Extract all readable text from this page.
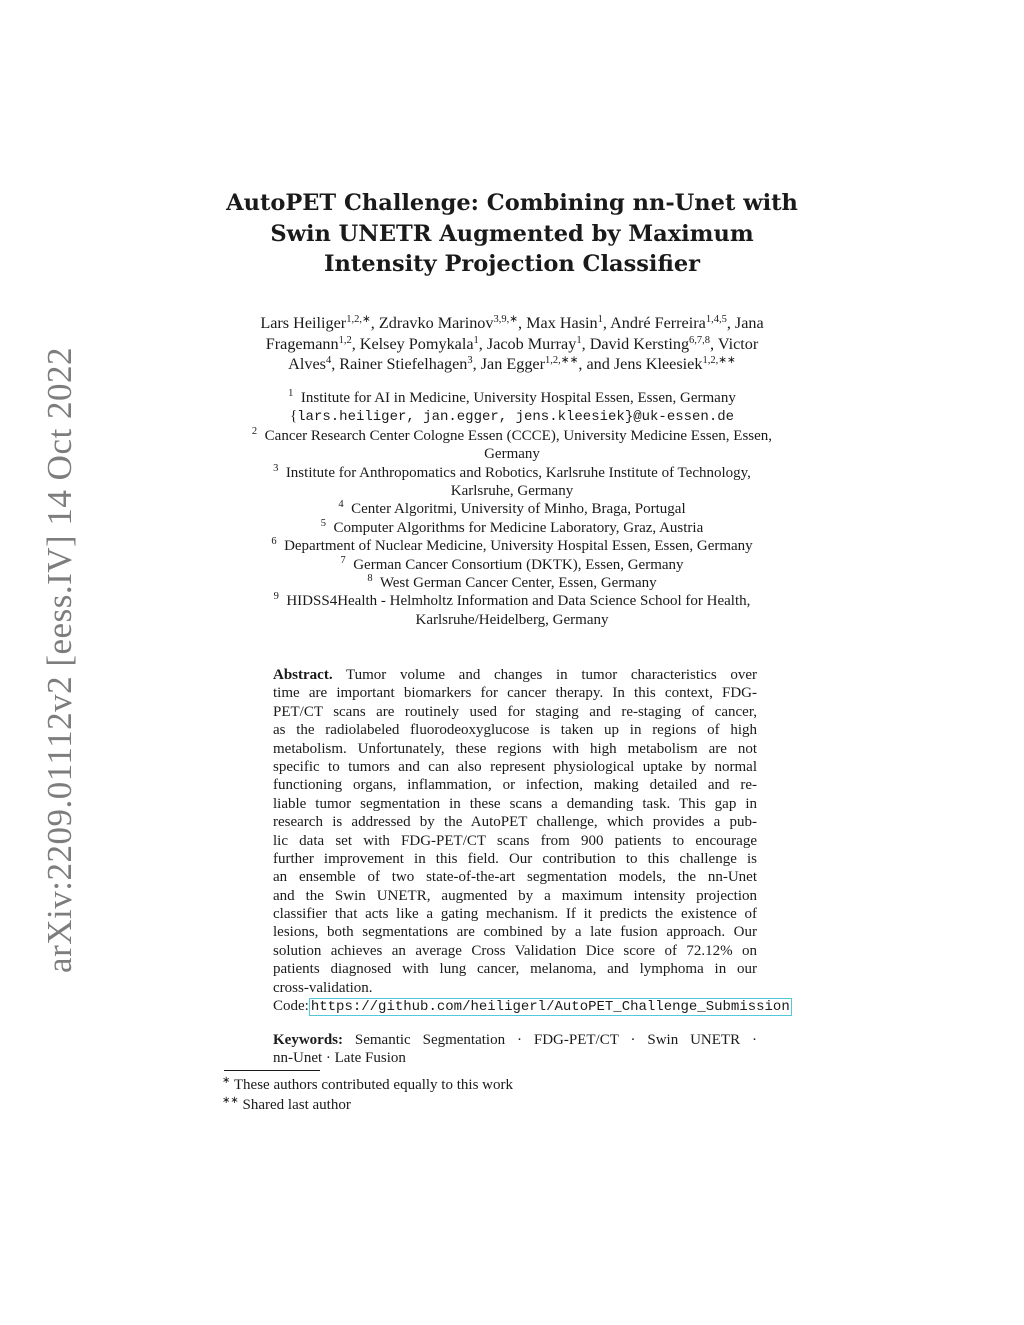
arXiv:2209.01112v2 [eess.IV] 14 Oct 2022
AutoPET Challenge: Combining nn-Unet with
Swin UNETR Augmented by Maximum
Intensity Projection Classifier
Lars Heiliger$^{1,2,∗}$, Zdravko Marinov$^{3,9,∗}$, Max Hasin$^1$, André Ferreira$^{1,4,5}$, Jana
Fragemann$^{1,2}$, Kelsey Pomykala$^1$, Jacob Murray$^1$, David Kersting$^{6,7,8}$, Victor
Alves$^4$, Rainer Stiefelhagen$^3$, Jan Egger$^{1,2,∗∗}$, and Jens Kleesiek$^{1,2,∗∗}$
$^1$ Institute for AI in Medicine, University Hospital Essen, Essen, Germany
{lars.heiliger, jan.egger, jens.kleesiek}@uk-essen.de
$^2$ Cancer Research Center Cologne Essen (CCCE), University Medicine Essen, Essen,
Germany
$^3$ Institute for Anthropomatics and Robotics, Karlsruhe Institute of Technology,
Karlsruhe, Germany
$^4$ Center Algoritmi, University of Minho, Braga, Portugal
$^5$ Computer Algorithms for Medicine Laboratory, Graz, Austria
$^6$ Department of Nuclear Medicine, University Hospital Essen, Essen, Germany
$^7$ German Cancer Consortium (DKTK), Essen, Germany
$^8$ West German Cancer Center, Essen, Germany
$^9$ HIDSS4Health - Helmholtz Information and Data Science School for Health,
Karlsruhe/Heidelberg, Germany
Abstract. Tumor volume and changes in tumor characteristics over
time are important biomarkers for cancer therapy. In this context, FDG-
PET/CT scans are routinely used for staging and re-staging of cancer,
as the radiolabeled fluorodeoxyglucose is taken up in regions of high
metabolism. Unfortunately, these regions with high metabolism are not
specific to tumors and can also represent physiological uptake by normal
functioning organs, inflammation, or infection, making detailed and re-
liable tumor segmentation in these scans a demanding task. This gap in
research is addressed by the AutoPET challenge, which provides a pub-
lic data set with FDG-PET/CT scans from 900 patients to encourage
further improvement in this field. Our contribution to this challenge is
an ensemble of two state-of-the-art segmentation models, the nn-Unet
and the Swin UNETR, augmented by a maximum intensity projection
classifier that acts like a gating mechanism. If it predicts the existence of
lesions, both segmentations are combined by a late fusion approach. Our
solution achieves an average Cross Validation Dice score of 72.12% on
patients diagnosed with lung cancer, melanoma, and lymphoma in our
cross-validation.
Code: https://github.com/heiligerl/AutoPET_Challenge_Submission
Keywords: Semantic Segmentation · FDG-PET/CT · Swin UNETR ·
nn-Unet · Late Fusion
∗ These authors contributed equally to this work
∗∗ Shared last author
